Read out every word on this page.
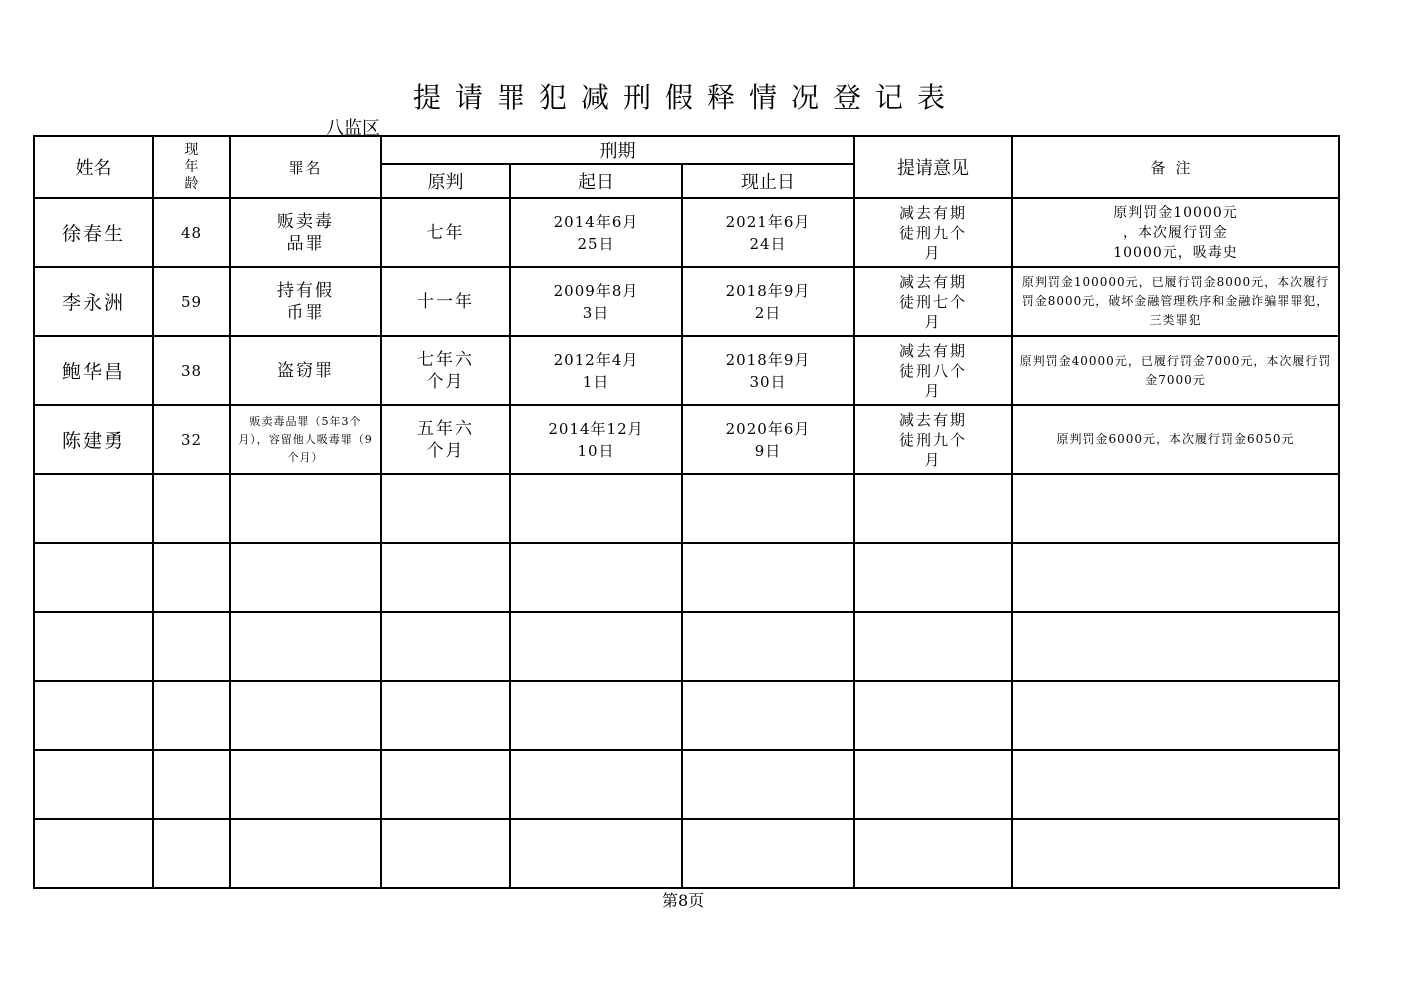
提请罪犯减刑假释情况登记表
八监区
姓名	现
年
龄	罪名	刑期			提请意见	备注
			原判	起日	现止日		
徐春生	48	贩卖毒
品罪	七年	2014年6月
25日	2021年6月
24日	减去有期
徒刑九个
月	原判罚金10000元
，本次履行罚金
10000元，吸毒史
李永洲	59	持有假
币罪	十一年	2009年8月
3日	2018年9月
2日	减去有期
徒刑七个
月	原判罚金100000元，已履行罚金8000元，本次履行罚金8000元，破坏金融管理秩序和金融诈骗罪罪犯，三类罪犯
鲍华昌	38	盗窃罪	七年六
个月	2012年4月
1日	2018年9月
30日	减去有期
徒刑八个
月	原判罚金40000元，已履行罚金7000元，本次履行罚金7000元
陈建勇	32	贩卖毒品罪（5年3个月），容留他人吸毒罪（9个月）	五年六
个月	2014年12月
10日	2020年6月
9日	减去有期
徒刑九个
月	原判罚金6000元，本次履行罚金6050元

第8页
